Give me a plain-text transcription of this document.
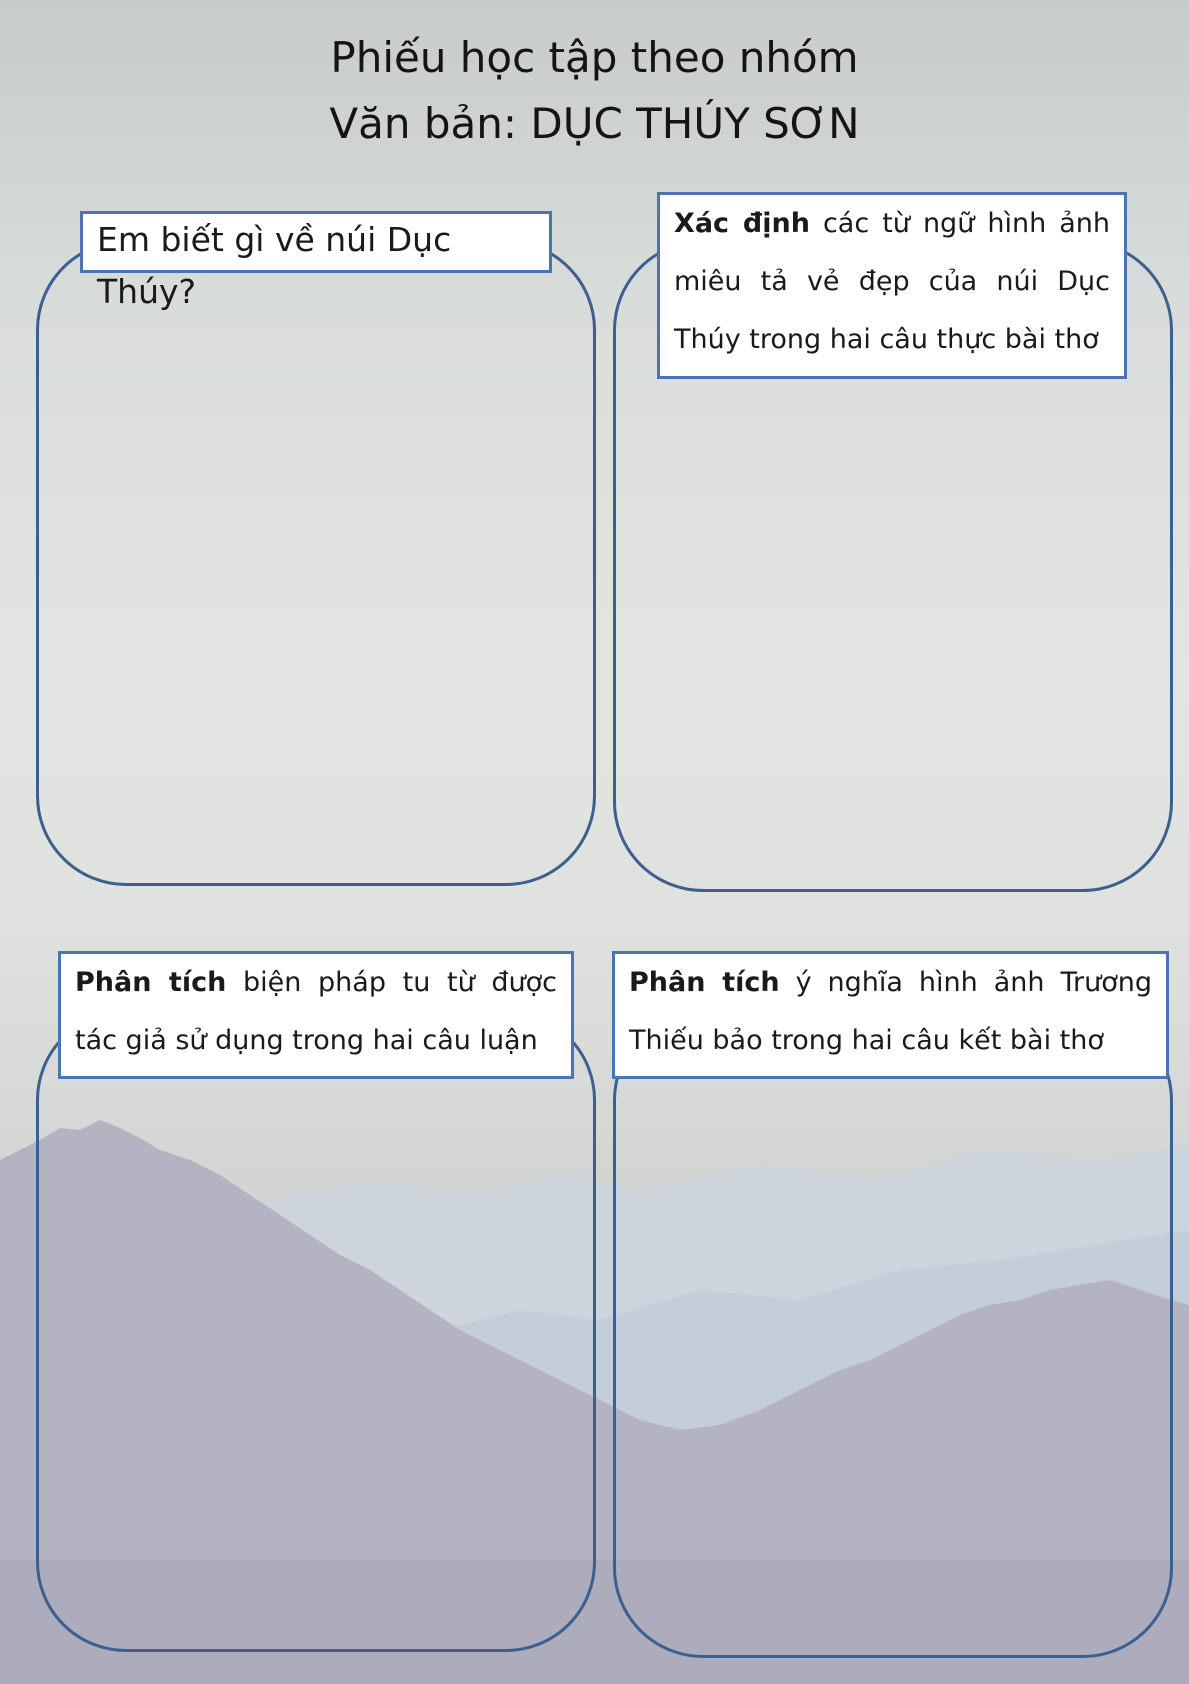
Phiếu học tập theo nhóm
Văn bản: DỤC THÚY SƠN
Em biết gì về núi Dục Thúy?
Xác định các từ ngữ hình ảnh miêu tả vẻ đẹp của núi Dục Thúy trong hai câu thực bài thơ
Phân tích biện pháp tu từ được tác giả sử dụng trong hai câu luận
Phân tích ý nghĩa hình ảnh Trương Thiếu bảo trong hai câu kết bài thơ
